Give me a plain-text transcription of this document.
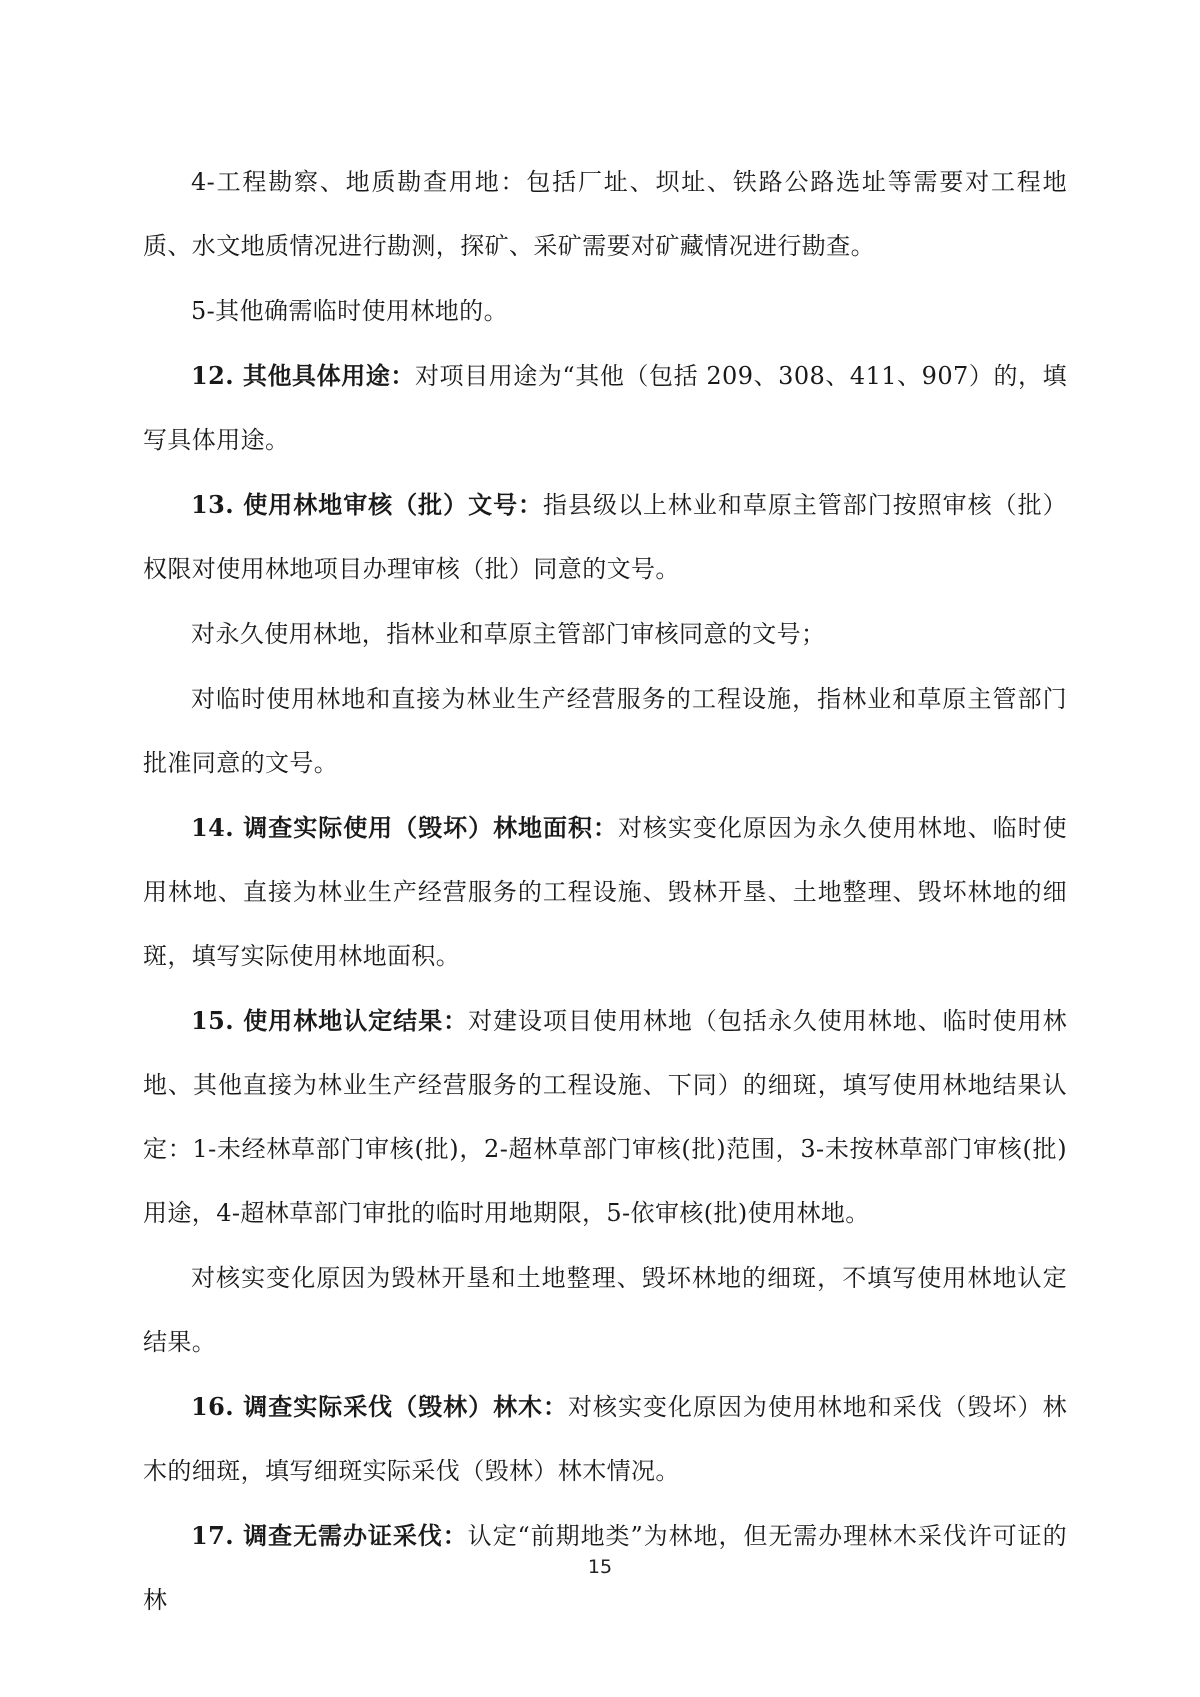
4-工程勘察、地质勘查用地：包括厂址、坝址、铁路公路选址等需要对工程地质、水文地质情况进行勘测，探矿、采矿需要对矿藏情况进行勘查。

5-其他确需临时使用林地的。

12. 其他具体用途：对项目用途为“其他（包括 209、308、411、907）的，填写具体用途。

13. 使用林地审核（批）文号：指县级以上林业和草原主管部门按照审核（批）权限对使用林地项目办理审核（批）同意的文号。

对永久使用林地，指林业和草原主管部门审核同意的文号；

对临时使用林地和直接为林业生产经营服务的工程设施，指林业和草原主管部门批准同意的文号。

14. 调查实际使用（毁坏）林地面积：对核实变化原因为永久使用林地、临时使用林地、直接为林业生产经营服务的工程设施、毁林开垦、土地整理、毁坏林地的细斑，填写实际使用林地面积。

15. 使用林地认定结果：对建设项目使用林地（包括永久使用林地、临时使用林地、其他直接为林业生产经营服务的工程设施、下同）的细斑，填写使用林地结果认定：1-未经林草部门审核(批)，2-超林草部门审核(批)范围，3-未按林草部门审核(批)用途，4-超林草部门审批的临时用地期限，5-依审核(批)使用林地。

对核实变化原因为毁林开垦和土地整理、毁坏林地的细斑，不填写使用林地认定结果。

16. 调查实际采伐（毁林）林木：对核实变化原因为使用林地和采伐（毁坏）林木的细斑，填写细斑实际采伐（毁林）林木情况。

17. 调查无需办证采伐：认定“前期地类”为林地，但无需办理林木采伐许可证的林

15
